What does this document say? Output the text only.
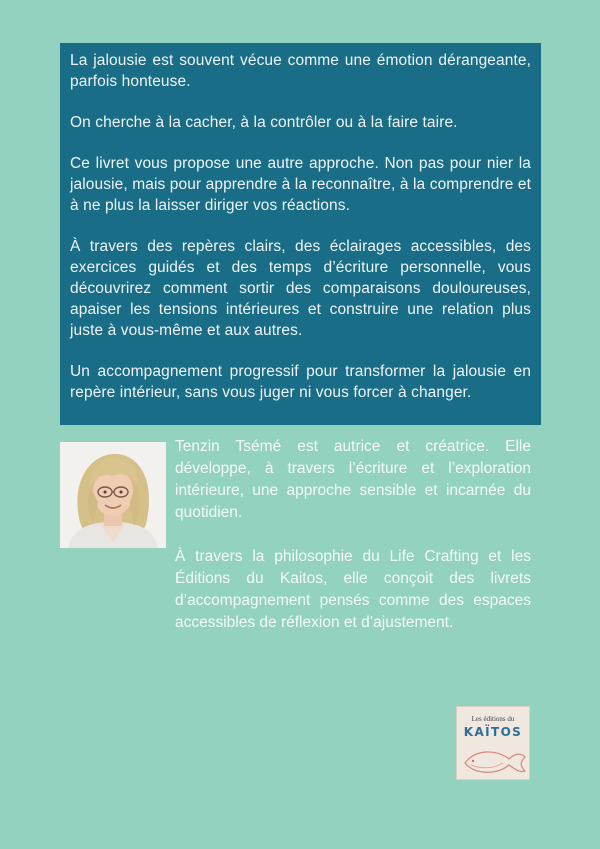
La jalousie est souvent vécue comme une émotion dérangeante, parfois honteuse.

On cherche à la cacher, à la contrôler ou à la faire taire.

Ce livret vous propose une autre approche. Non pas pour nier la jalousie, mais pour apprendre à la reconnaître, à la comprendre et à ne plus la laisser diriger vos réactions.

À travers des repères clairs, des éclairages accessibles, des exercices guidés et des temps d’écriture personnelle, vous découvrirez comment sortir des comparaisons douloureuses, apaiser les tensions intérieures et construire une relation plus juste à vous-même et aux autres.

Un accompagnement progressif pour transformer la jalousie en repère intérieur, sans vous juger ni vous forcer à changer.

Tenzin Tsémé est autrice et créatrice. Elle développe, à travers l’écriture et l’exploration intérieure, une approche sensible et incarnée du quotidien.

À travers la philosophie du Life Crafting et les Éditions du Kaitos, elle conçoit des livrets d’accompagnement pensés comme des espaces accessibles de réflexion et d’ajustement.

Les éditions du
KAÏTOS
